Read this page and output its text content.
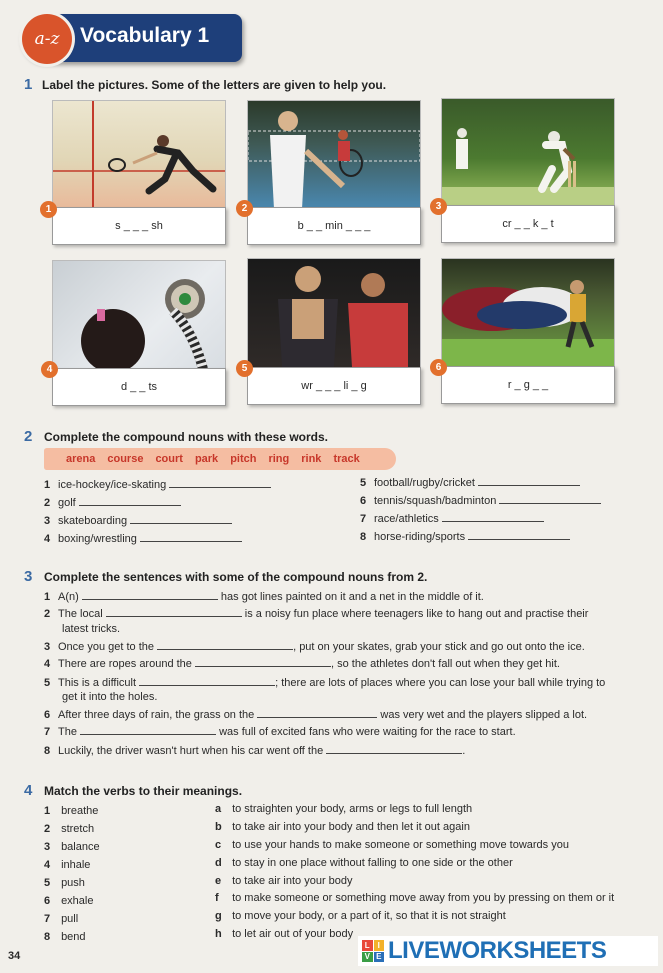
a-z Vocabulary 1
1 Label the pictures. Some of the letters are given to help you.
s _ _ _ sh	b _ _ min _ _ _	cr _ _ k _ t
1	2	3
d _ _ ts	wr _ _ _ li _ g	r _ g _ _
4	5	6
2 Complete the compound nouns with these words.
arena course court park pitch ring rink track
1 ice-hockey/ice-skating
2 golf
3 skateboarding
4 boxing/wrestling
5 football/rugby/cricket
6 tennis/squash/badminton
7 race/athletics
8 horse-riding/sports
3 Complete the sentences with some of the compound nouns from 2.
1 A(n)	has got lines painted on it and a net in the middle of it.
2 The local	is a noisy fun place where teenagers like to hang out and practise their
latest tricks.
3 Once you get to the	, put on your skates, grab your stick and go out onto the ice.
4 There are ropes around the	, so the athletes don't fall out when they get hit.
5 This is a difficult	; there are lots of places where you can lose your ball while trying to
get it into the holes.
6 After three days of rain, the grass on the	was very wet and the players slipped a lot.
7 The	was full of excited fans who were waiting for the race to start.
8 Luckily, the driver wasn't hurt when his car went off the	.
4 Match the verbs to their meanings.
1 breathe
2 stretch
3 balance
4 inhale
5 push
6 exhale
7 pull
8 bend
a to straighten your body, arms or legs to full length
b to take air into your body and then let it out again
c to use your hands to make someone or something move towards you
d to stay in one place without falling to one side or the other
e to take air into your body
f to make someone or something move away from you by pressing on them or it
g to move your body, or a part of it, so that it is not straight
h to let air out of your body
34
L I
V E LIVEWORKSHEETS
